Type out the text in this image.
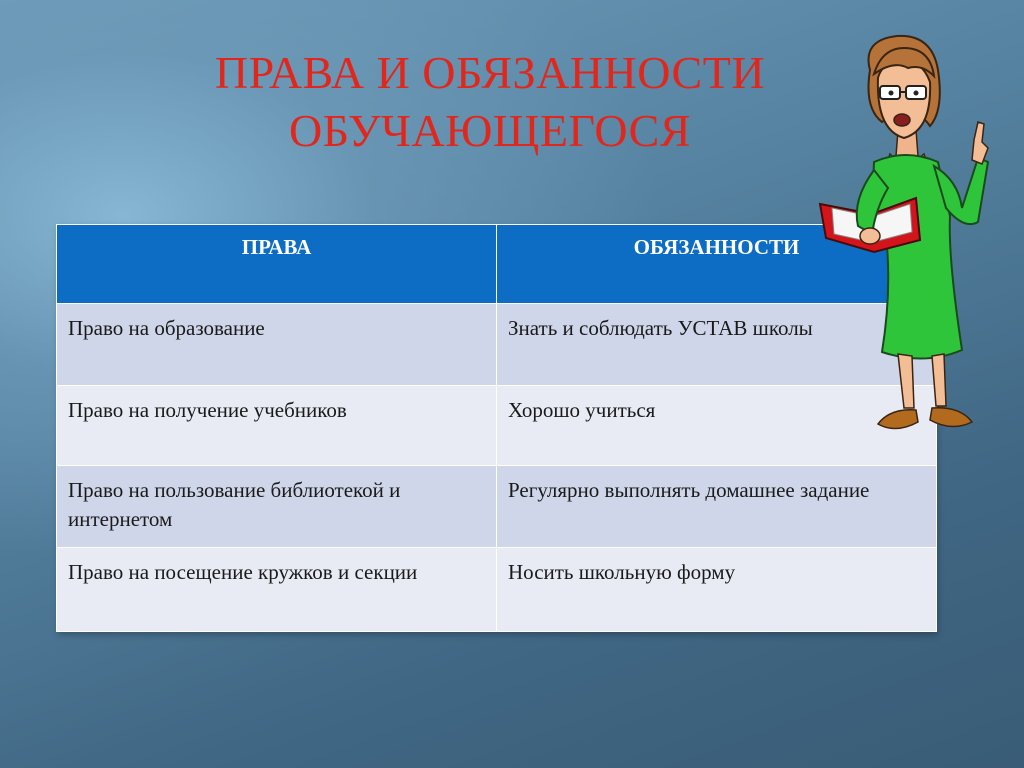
ПРАВА И ОБЯЗАННОСТИ
ОБУЧАЮЩЕГОСЯ
ПРАВА	ОБЯЗАННОСТИ
Право на образование	Знать и соблюдать УСТАВ школы
Право на получение учебников	Хорошо учиться
Право на пользование библиотекой и интернетом	Регулярно выполнять домашнее задание
Право на посещение кружков и секции	Носить школьную форму
